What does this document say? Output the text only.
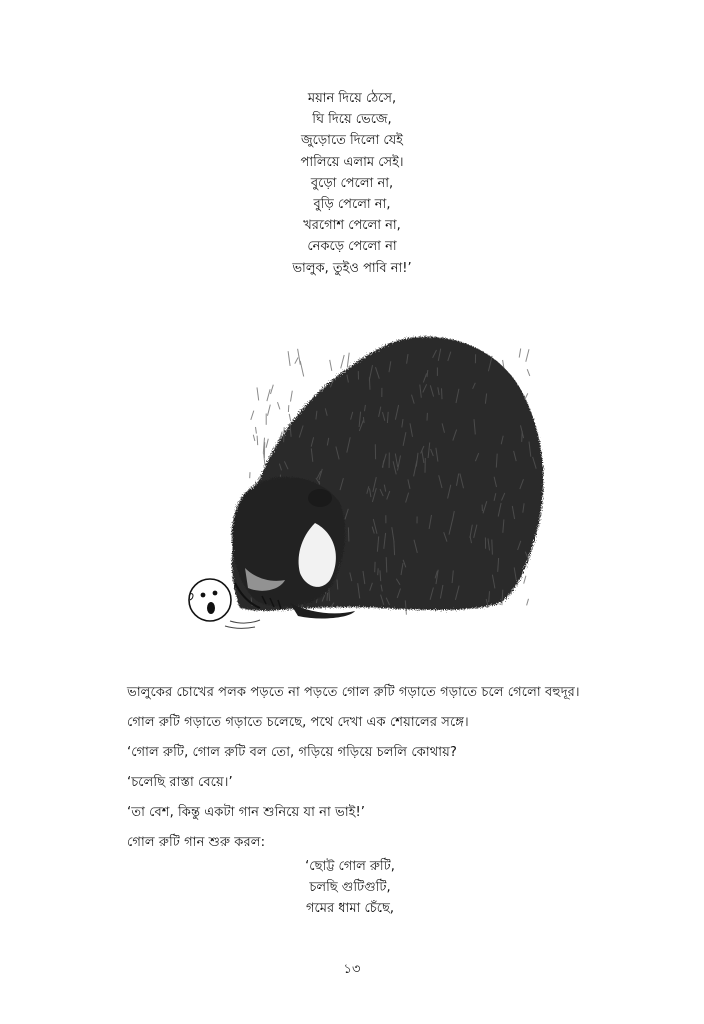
ময়ান দিয়ে ঠেসে,
ঘি দিয়ে ভেজে,
জুড়োতে দিলো যেই
পালিয়ে এলাম সেই।
বুড়ো পেলো না,
বুড়ি পেলো না,
খরগোশ পেলো না,
নেকড়ে পেলো না
ভালুক, তুইও পাবি না!’
ভালুকের চোখের পলক পড়তে না পড়তে গোল রুটি গড়াতে গড়াতে চলে গেলো বহুদূর।
গোল রুটি গড়াতে গড়াতে চলেছে, পথে দেখা এক শেয়ালের সঙ্গে।
‘গোল রুটি, গোল রুটি বল তো, গড়িয়ে গড়িয়ে চললি কোথায়?
‘চলেছি রাস্তা বেয়ে।’
‘তা বেশ, কিন্তু একটা গান শুনিয়ে যা না ভাই!’
গোল রুটি গান শুরু করল:
‘ছোট্ট গোল রুটি,
চলছি গুটিগুটি,
গমের ধামা চেঁছে,
১৩
